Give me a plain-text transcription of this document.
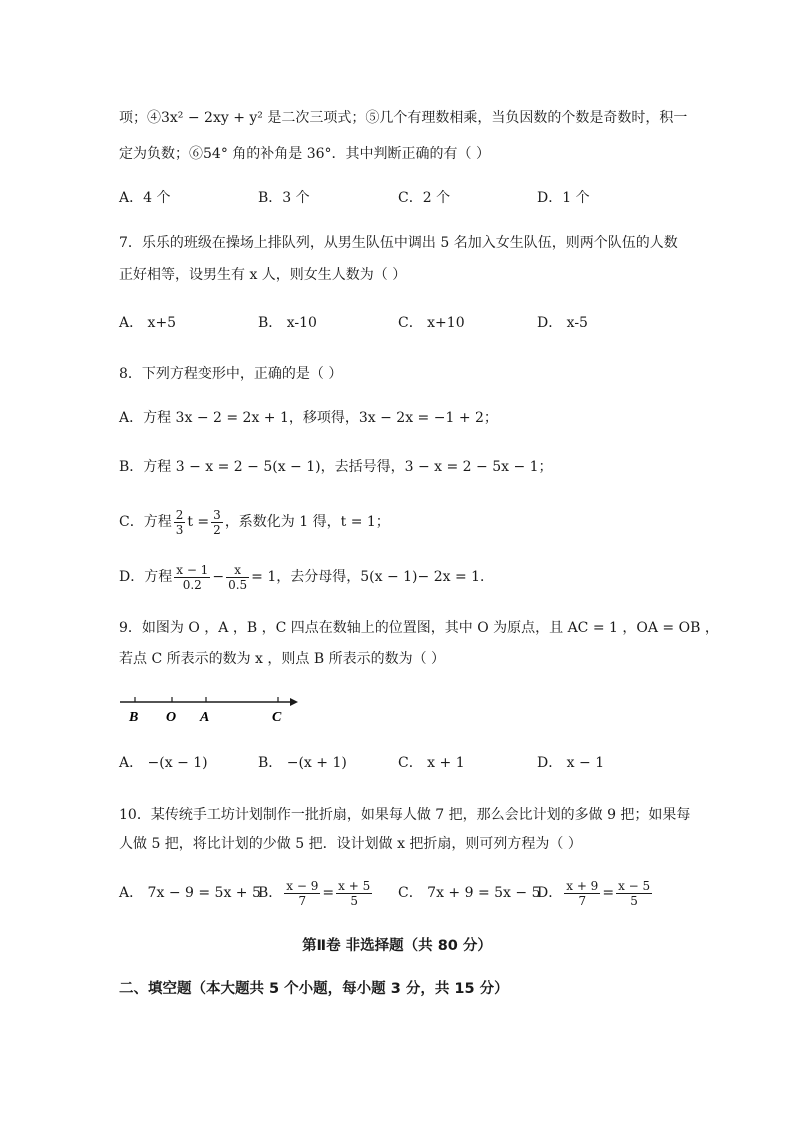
项；④3x² − 2xy + y² 是二次三项式；⑤几个有理数相乘，当负因数的个数是奇数时，积一
定为负数；⑥54° 角的补角是 36°．其中判断正确的有（ ）
A．4 个	B．3 个	C．2 个	D．1 个
7．乐乐的班级在操场上排队列，从男生队伍中调出 5 名加入女生队伍，则两个队伍的人数
正好相等，设男生有 x 人，则女生人数为（ ）
A． x+5	B． x-10	C． x+10	D． x-5
8．下列方程变形中，正确的是（ ）
A．方程 3x − 2 = 2x + 1，移项得，3x − 2x = −1 + 2；
B．方程 3 − x = 2 − 5(x − 1)，去括号得，3 − x = 2 − 5x − 1；
C．方程 $\frac{2}{3}$ $t = \frac{3}{2}$ ，系数化为 1 得，t = 1；
D．方程 $\frac{x - 1}{0.2} - \frac{x}{0.5} = 1$，去分母得，5(x − 1)− 2x = 1．
9．如图为 O ，A ，B ，C 四点在数轴上的位置图，其中 O 为原点，且 AC = 1 ，OA = OB ，
若点 C 所表示的数为 x ，则点 B 所表示的数为（ ）
B O A	C
A． −(x − 1)	B． −(x + 1)	C． x + 1	D． x − 1
10．某传统手工坊计划制作一批折扇，如果每人做 7 把，那么会比计划的多做 9 把；如果每
人做 5 把，将比计划的少做 5 把．设计划做 x 把折扇，则可列方程为（ ）
A． 7x − 9 = 5x + 5
B． $\frac{x - 9}{7} = \frac{x + 5}{5}$ C． 7x + 9 = 5x − 5
D． $\frac{x + 9}{7} = \frac{x - 5}{5}$
第Ⅱ卷 非选择题（共 80 分）
二、填空题（本大题共 5 个小题，每小题 3 分，共 15 分）
